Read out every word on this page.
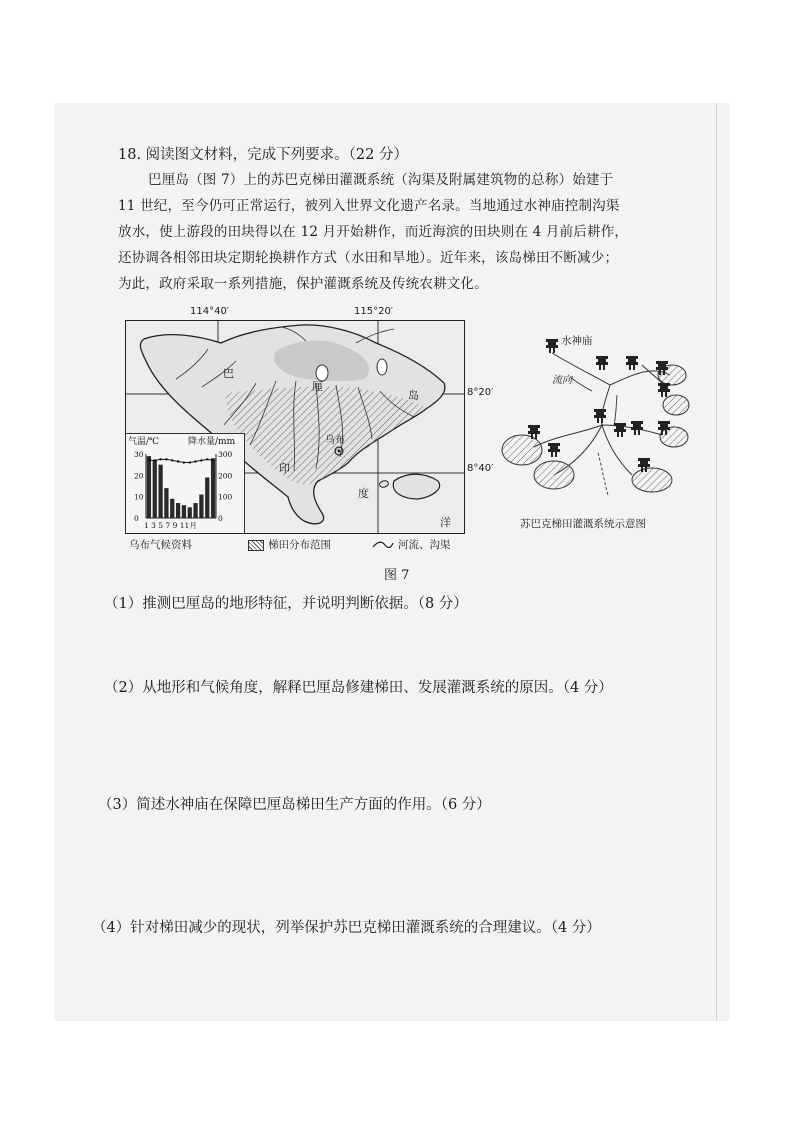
18. 阅读图文材料，完成下列要求。（22 分）
巴厘岛（图 7）上的苏巴克梯田灌溉系统（沟渠及附属建筑物的总称）始建于
11 世纪，至今仍可正常运行，被列入世界文化遗产名录。当地通过水神庙控制沟渠
放水，使上游段的田块得以在 12 月开始耕作，而近海滨的田块则在 4 月前后耕作，
还协调各相邻田块定期轮换耕作方式（水田和旱地）。近年来，该岛梯田不断减少；
为此，政府采取一系列措施，保护灌溉系统及传统农耕文化。
114°40′	115°20′
8°20′
8°40′
巴
厘
岛
乌布
印
度
洋
气温/℃	降水量/mm
30
20
10
0
300
200
100
0
1 3 5 7 9 11月
乌布气候资料	梯田分布范围	河流、沟渠
水神庙
流向
苏巴克梯田灌溉系统示意图
图 7
（1）推测巴厘岛的地形特征，并说明判断依据。（8 分）
（2）从地形和气候角度，解释巴厘岛修建梯田、发展灌溉系统的原因。（4 分）
（3）简述水神庙在保障巴厘岛梯田生产方面的作用。（6 分）
（4）针对梯田减少的现状，列举保护苏巴克梯田灌溉系统的合理建议。（4 分）
